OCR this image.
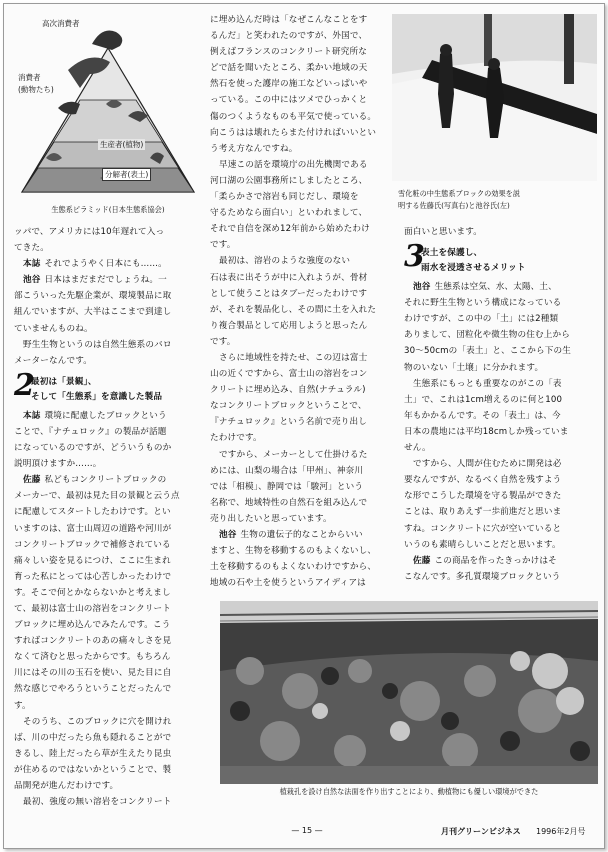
高次消費者
消費者
(動物たち)
生産者(植物)
分解者(表土)
生態系ピラミッド(日本生態系協会)
雪化粧の中生態系ブロックの効果を説
明する佐藤氏(写真右)と池谷氏(左)

ッパで、アメリカには10年遅れて入っ

てきた。

本誌 それでようやく日本にも……。

池谷 日本はまだまだでしょうね。一

部こういった先駆企業が、環境製品に取

組んでいますが、大半はここまで到達し

ていませんものね。

野生生物というのは自然生態系のバロ

メーターなんです。

2
最初は「景観」、
そして「生態系」を意識した製品

本誌 環境に配慮したブロックという

ことで、『ナチュロック』の製品が話題

になっているのですが、どういうものか

説明頂けますか……。

佐藤 私どもコンクリートブロックの

メーカーで、最初は見た目の景観と云う点

に配慮してスタートしたわけです。とい

いますのは、富士山周辺の道路や河川が

コンクリートブロックで補修されている

痛々しい姿を見るにつけ、ここに生まれ

育った私にとっては心苦しかったわけで

す。そこで何とかならないかと考えまし

て、最初は富士山の溶岩をコンクリート

ブロックに埋め込んでみたんです。こう

すればコンクリートのあの痛々しさを見

なくて済むと思ったからです。もちろん

川にはその川の玉石を使い、見た目に自

然な感じでやろうということだったんで

す。

そのうち、このブロックに穴を開けれ

ば、川の中だったら魚も隠れることがで

きるし、陸上だったら草が生えたり昆虫

が住めるのではないかということで、製

品開発が進んだわけです。

最初、強度の無い溶岩をコンクリート

に埋め込んだ時は「なぜこんなことをす

るんだ」と笑われたのですが、外国で、

例えばフランスのコンクリート研究所な

どで話を聞いたところ、柔かい地域の天

然石を使った護岸の施工などいっぱいや

っている。この中にはツメでひっかくと

傷のつくようなものも平気で使っている。

向こうはは壊れたらまた付ければいいとい

う考え方なんですね。

早速この話を環境庁の出先機関である

河口湖の公園事務所にしましたところ、

「柔らかさで溶岩も同じだし、環境を

守るためなら面白い」といわれまして、

それで自信を深め12年前から始めたわけ

です。

最初は、溶岩のような強度のない

石は表に出そうが中に入れようが、骨材

として使うことはタブーだったわけです

が、それを製品化し、その間に土を入れた

り複合製品として応用しようと思ったん

です。

さらに地域性を持たせ、この辺は富士

山の近くですから、富士山の溶岩をコン

クリートに埋め込み、自然(ナチュラル)

なコンクリートブロックということで、

『ナチュロック』という名前で売り出し

たわけです。

ですから、メーカーとして仕掛けるた

めには、山梨の場合は「甲州」、神奈川

では「相模」、静岡では「駿河」という

名称で、地域特性の自然石を組み込んで

売り出したいと思っています。

池谷 生物の遺伝子的なことからいい

ますと、生物を移動するのもよくないし、

土を移動するのもよくないわけですから、

地域の石や土を使うというアイディアは

面白いと思います。

3
表土を保護し、
雨水を浸透させるメリット

池谷 生態系は空気、水、太陽、土、

それに野生生物という構成になっている

わけですが、この中の「土」には2種類

ありまして、団粒化や微生物の住む上から

30〜50cmの「表土」と、ここから下の生

物のいない「土壌」に分かれます。

生態系にもっとも重要なのがこの「表

土」で、これは1cm増えるのに何と100

年もかかるんです。その「表土」は、今

日本の農地には平均18cmしか残っていま

せん。

ですから、人間が住むために開発は必

要なんですが、なるべく自然を残すよう

な形でこうした環境を守る製品ができた

ことは、取りあえず一歩前進だと思いま

すね。コンクリートに穴が空いていると

いうのも素晴らしいことだと思います。

佐藤 この商品を作ったきっかけはそ

こなんです。多孔質環境ブロックという

植栽孔を設け自然な法面を作り出すことにより、動植物にも優しい環境ができた
— 15 —	月刊グリーンビジネス 1996年2月号
